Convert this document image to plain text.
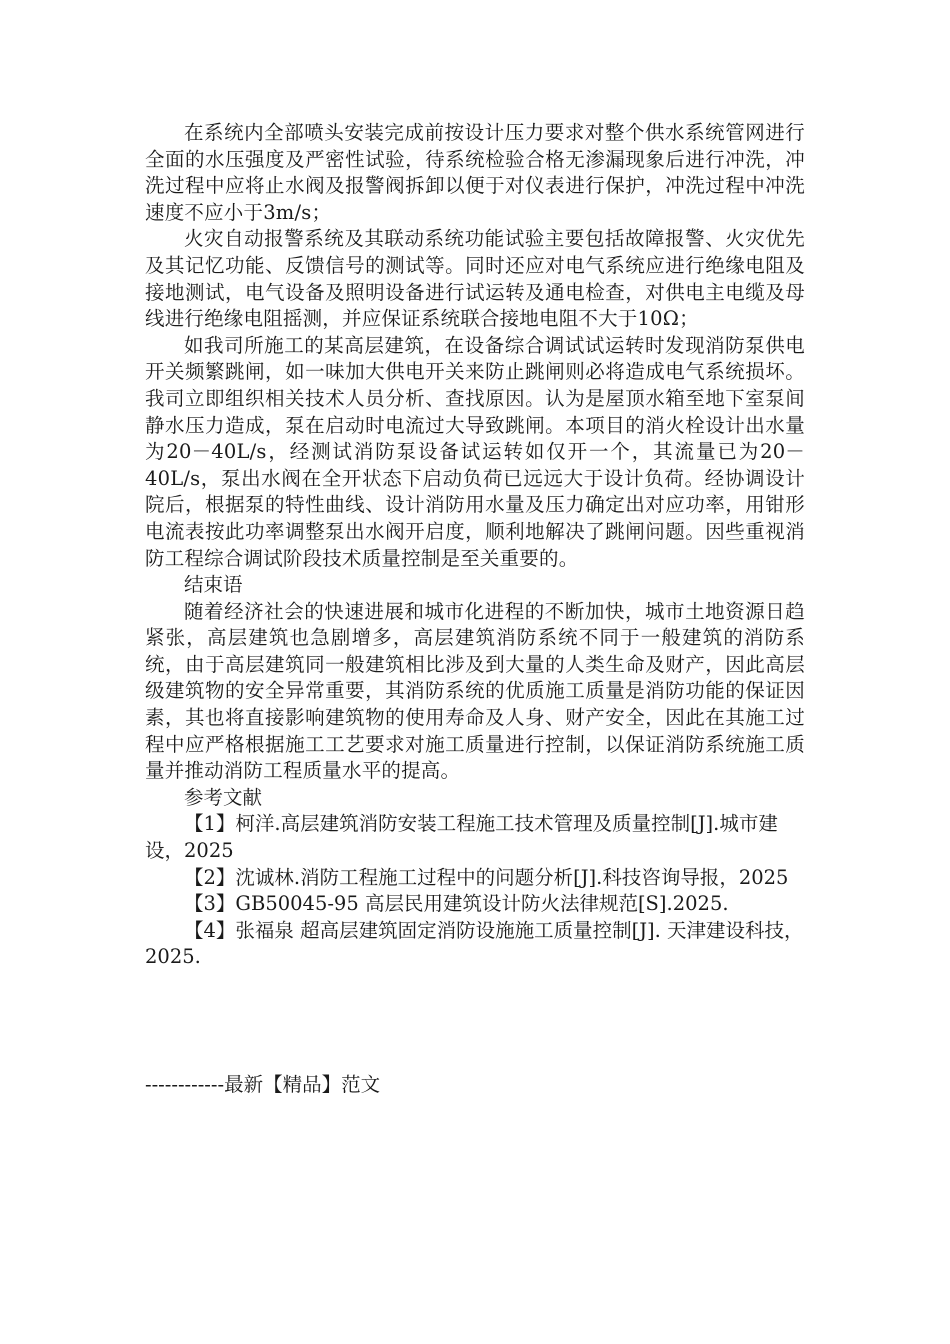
在系统内全部喷头安装完成前按设计压力要求对整个供水系统管网进行全面的水压强度及严密性试验，待系统检验合格无渗漏现象后进行冲洗，冲洗过程中应将止水阀及报警阀拆卸以便于对仪表进行保护，冲洗过程中冲洗速度不应小于3m/s；

火灾自动报警系统及其联动系统功能试验主要包括故障报警、火灾优先及其记忆功能、反馈信号的测试等。同时还应对电气系统应进行绝缘电阻及接地测试，电气设备及照明设备进行试运转及通电检查，对供电主电缆及母线进行绝缘电阻摇测，并应保证系统联合接地电阻不大于10Ω；

如我司所施工的某高层建筑，在设备综合调试试运转时发现消防泵供电开关频繁跳闸，如一味加大供电开关来防止跳闸则必将造成电气系统损坏。我司立即组织相关技术人员分析、查找原因。认为是屋顶水箱至地下室泵间静水压力造成，泵在启动时电流过大导致跳闸。本项目的消火栓设计出水量为20－40L/s，经测试消防泵设备试运转如仅开一个，其流量已为20－40L/s，泵出水阀在全开状态下启动负荷已远远大于设计负荷。经协调设计院后，根据泵的特性曲线、设计消防用水量及压力确定出对应功率，用钳形电流表按此功率调整泵出水阀开启度，顺利地解决了跳闸问题。因些重视消防工程综合调试阶段技术质量控制是至关重要的。

结束语

随着经济社会的快速进展和城市化进程的不断加快，城市土地资源日趋紧张，高层建筑也急剧增多，高层建筑消防系统不同于一般建筑的消防系统，由于高层建筑同一般建筑相比涉及到大量的人类生命及财产，因此高层级建筑物的安全异常重要，其消防系统的优质施工质量是消防功能的保证因素，其也将直接影响建筑物的使用寿命及人身、财产安全，因此在其施工过程中应严格根据施工工艺要求对施工质量进行控制，以保证消防系统施工质量并推动消防工程质量水平的提高。

参考文献

【1】柯洋.高层建筑消防安装工程施工技术管理及质量控制[J].城市建设，2025

【2】沈诚林.消防工程施工过程中的问题分析[J].科技咨询导报，2025

【3】GB50045-95 高层民用建筑设计防火法律规范[S].2025.

【4】张福泉 超高层建筑固定消防设施施工质量控制[J]. 天津建设科技，2025.

------------最新【精品】范文
